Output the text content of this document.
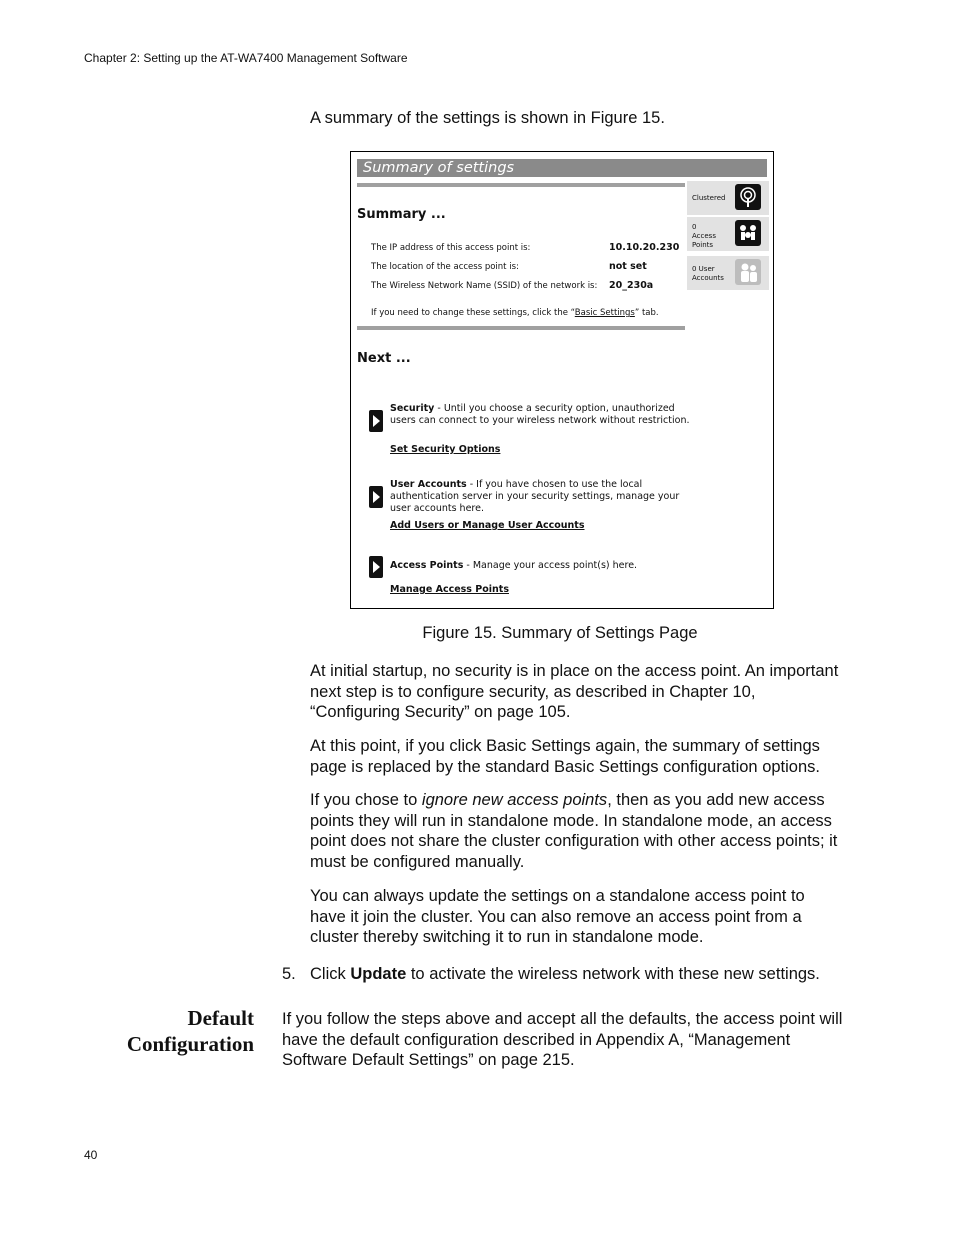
Chapter 2: Setting up the AT-WA7400 Management Software
A summary of the settings is shown in Figure 15.
Summary of settings
Summary ...
The IP address of this access point is:	10.10.20.230
The location of the access point is:	not set
The Wireless Network Name (SSID) of the network is: 20_230a
If you need to change these settings, click the “Basic Settings” tab.
Next ...
Security - Until you choose a security option, unauthorized users can connect to your wireless network without restriction.
Set Security Options
User Accounts - If you have chosen to use the local authentication server in your security settings, manage your user accounts here.
Add Users or Manage User Accounts
Access Points - Manage your access point(s) here.
Manage Access Points
Clustered
0
Access
Points
0 User
Accounts
Figure 15. Summary of Settings Page
At initial startup, no security is in place on the access point. An important next step is to configure security, as described in Chapter 10, “Configuring Security” on page 105.
At this point, if you click Basic Settings again, the summary of settings page is replaced by the standard Basic Settings configuration options.
If you chose to ignore new access points, then as you add new access points they will run in standalone mode. In standalone mode, an access point does not share the cluster configuration with other access points; it must be configured manually.
You can always update the settings on a standalone access point to have it join the cluster. You can also remove an access point from a cluster thereby switching it to run in standalone mode.
5. Click Update to activate the wireless network with these new settings.
Default
Configuration
If you follow the steps above and accept all the defaults, the access point will have the default configuration described in Appendix A, “Management Software Default Settings” on page 215.
40
